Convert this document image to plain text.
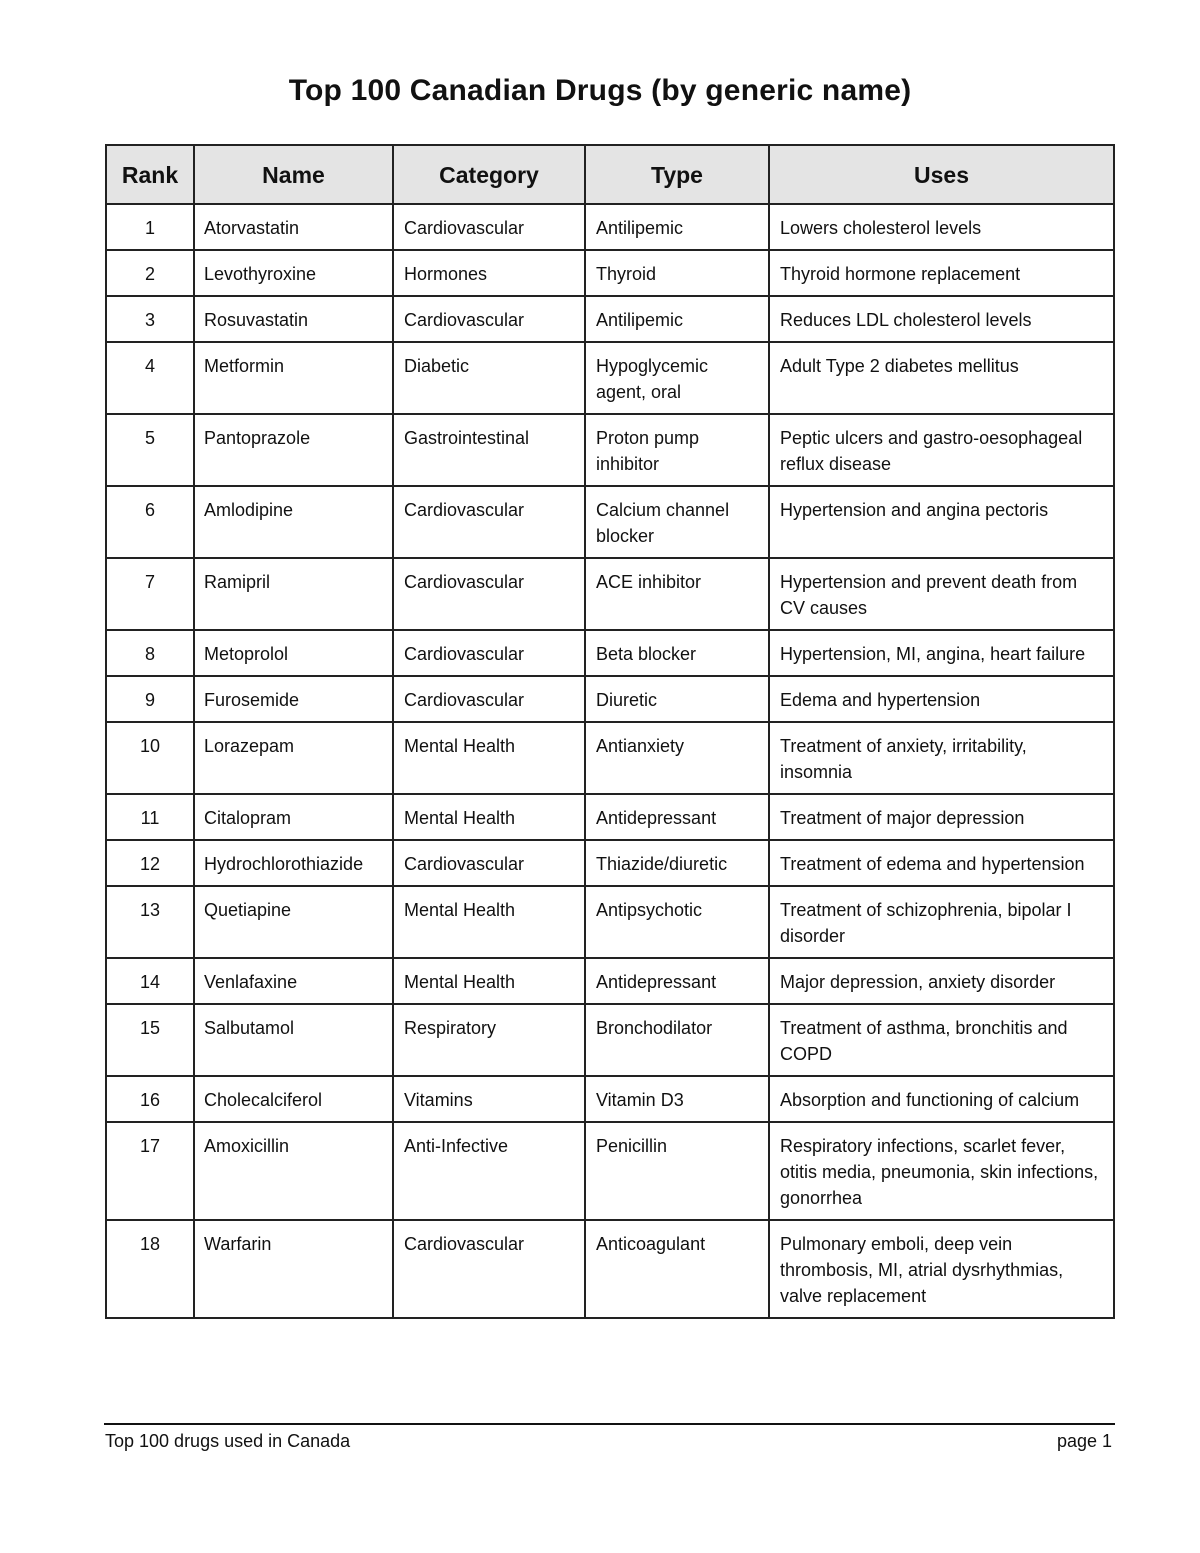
Top 100 Canadian Drugs (by generic name)
Rank	Name	Category	Type	Uses
1	Atorvastatin	Cardiovascular	Antilipemic	Lowers cholesterol levels
2	Levothyroxine	Hormones	Thyroid	Thyroid hormone replacement
3	Rosuvastatin	Cardiovascular	Antilipemic	Reduces LDL cholesterol levels
4	Metformin	Diabetic	Hypoglycemic agent, oral	Adult Type 2 diabetes mellitus
5	Pantoprazole	Gastrointestinal	Proton pump inhibitor	Peptic ulcers and gastro-oesophageal reflux disease
6	Amlodipine	Cardiovascular	Calcium channel blocker	Hypertension and angina pectoris
7	Ramipril	Cardiovascular	ACE inhibitor	Hypertension and prevent death from CV causes
8	Metoprolol	Cardiovascular	Beta blocker	Hypertension, MI, angina, heart failure
9	Furosemide	Cardiovascular	Diuretic	Edema and hypertension
10	Lorazepam	Mental Health	Antianxiety	Treatment of anxiety, irritability, insomnia
11	Citalopram	Mental Health	Antidepressant	Treatment of major depression
12	Hydrochlorothiazide	Cardiovascular	Thiazide/diuretic	Treatment of edema and hypertension
13	Quetiapine	Mental Health	Antipsychotic	Treatment of schizophrenia, bipolar I disorder
14	Venlafaxine	Mental Health	Antidepressant	Major depression, anxiety disorder
15	Salbutamol	Respiratory	Bronchodilator	Treatment of asthma, bronchitis and COPD
16	Cholecalciferol	Vitamins	Vitamin D3	Absorption and functioning of calcium
17	Amoxicillin	Anti-Infective	Penicillin	Respiratory infections, scarlet fever, otitis media, pneumonia, skin infections, gonorrhea
18	Warfarin	Cardiovascular	Anticoagulant	Pulmonary emboli, deep vein thrombosis, MI, atrial dysrhythmias, valve replacement
Top 100 drugs used in Canada	page 1
